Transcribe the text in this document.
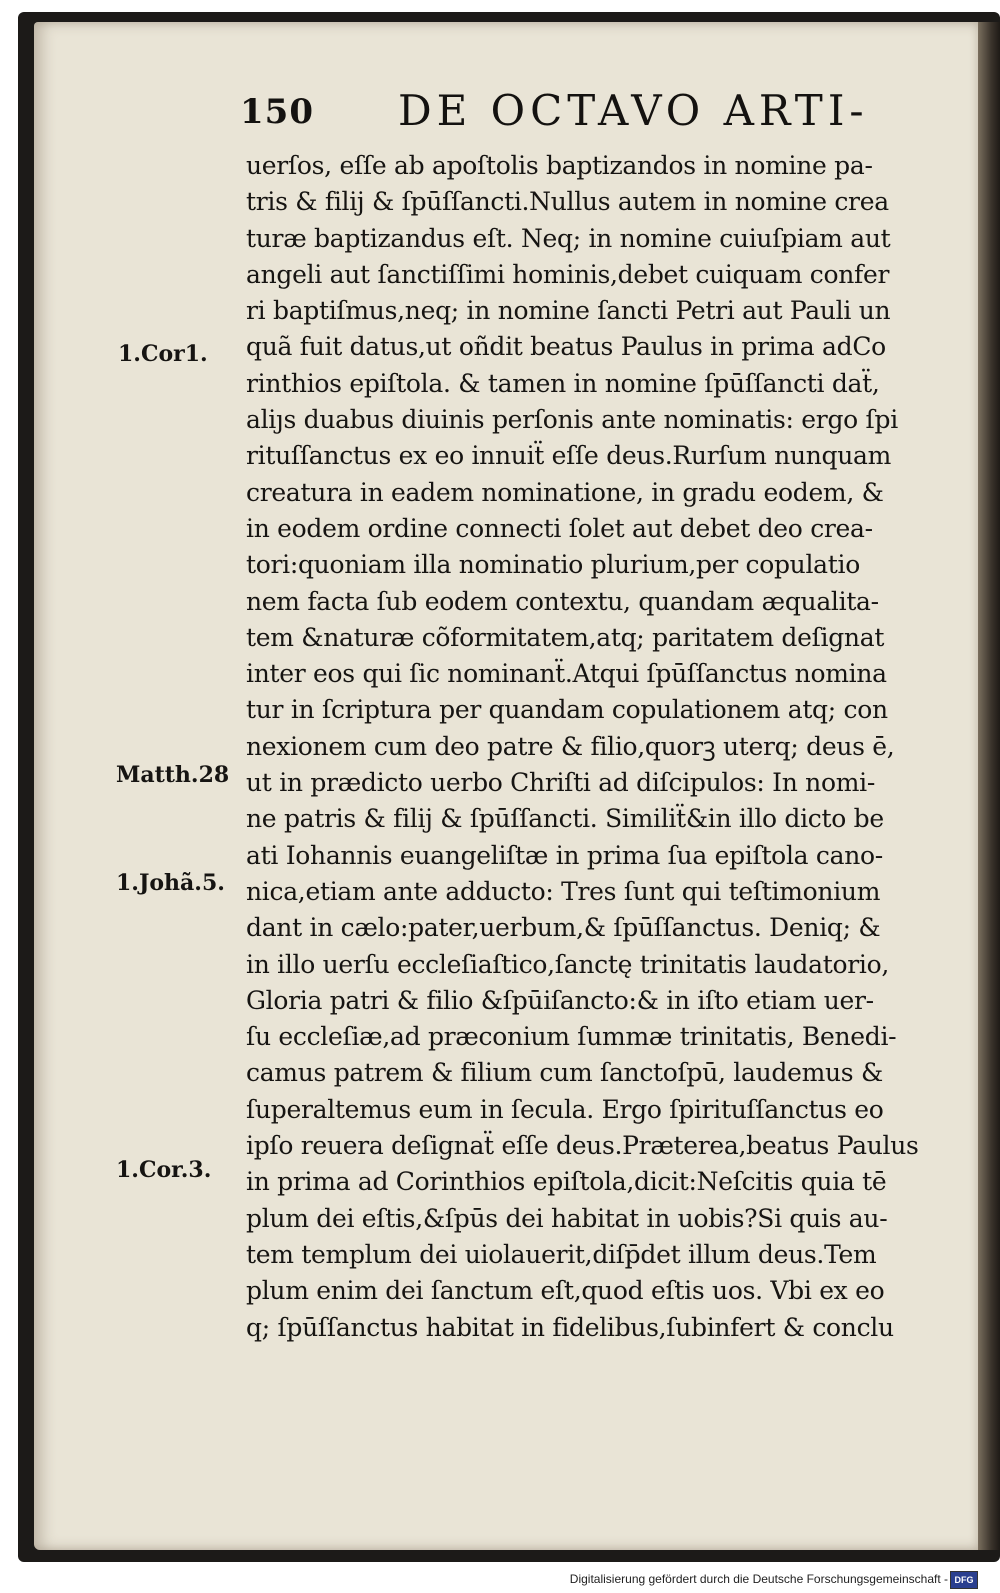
150 DE OCTAVO ARTI-
uerſos, eſſe ab apoſtolis baptizandos in nomine pa-
tris & filij & ſpūſſancti.Nullus autem in nomine crea
turæ baptizandus eſt. Neq; in nomine cuiuſpiam aut
angeli aut ſanctiſſimi hominis,debet cuiquam confer
ri baptiſmus,neq; in nomine ſancti Petri aut Pauli un
quã fuit datus,ut oñdit beatus Paulus in prima adCo
rinthios epiſtola. & tamen in nomine ſpūſſancti daẗ,
aliȷs duabus diuinis perſonis ante nominatis: ergo ſpi
rituſſanctus ex eo innuiẗ eſſe deus.Rurſum nunquam
creatura in eadem nominatione, in gradu eodem, &
in eodem ordine connecti ſolet aut debet deo crea-
tori:quoniam illa nominatio plurium,per copulatio
nem facta ſub eodem contextu, quandam æqualita-
tem &naturæ cõformitatem,atq; paritatem deſignat
inter eos qui ſic nominanẗ.Atqui ſpūſſanctus nomina
tur in ſcriptura per quandam copulationem atq; con
nexionem cum deo patre & filio,quorꝫ uterq; deus ē,
ut in prædicto uerbo Chriſti ad diſcipulos: In nomi-
ne patris & filij & ſpūſſancti. Similiẗ&in illo dicto be
ati Iohannis euangeliſtæ in prima ſua epiſtola cano-
nica,etiam ante adducto: Tres ſunt qui teſtimonium
dant in cælo:pater,uerbum,& ſpūſſanctus. Deniq; &
in illo uerſu eccleſiaſtico,ſanctę trinitatis laudatorio,
Gloria patri & filio &ſpūiſancto:& in iſto etiam uer-
ſu eccleſiæ,ad præconium ſummæ trinitatis, Benedi-
camus patrem & filium cum ſanctoſpū, laudemus &
ſuperaltemus eum in ſecula. Ergo ſpirituſſanctus eo
ipſo reuera deſignaẗ eſſe deus.Prӕterea,beatus Paulus
in prima ad Corinthios epiſtola,dicit:Neſcitis quia tē
plum dei eſtis,&ſpūs dei habitat in uobis?Si quis au-
tem templum dei uiolauerit,diſp̄det illum deus.Tem
plum enim dei ſanctum eſt,quod eſtis uos. Vbi ex eo
q; ſpūſſanctus habitat in fidelibus,ſubinfert & conclu
1.Cor1.
Matth.28
1.Johã.5.
1.Cor.3.
Digitalisierung gefördert durch die Deutsche Forschungsgemeinschaft - DFG
